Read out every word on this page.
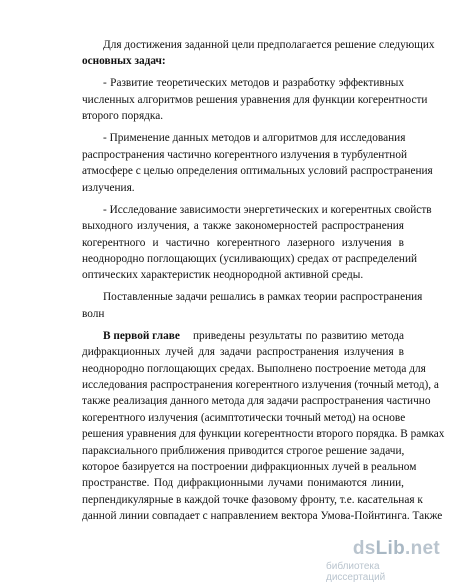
Для достижения заданной цели предполагается решение следующих
основных задач:
- Развитие теоретических методов и разработку эффективных
численных алгоритмов решения уравнения для функции когерентности
второго порядка.
- Применение данных методов и алгоритмов для исследования
распространения частично когерентного излучения в турбулентной
атмосфере с целью определения оптимальных условий распространения
излучения.
- Исследование зависимости энергетических и когерентных свойств
выходного излучения, а также закономерностей распространения
когерентного и частично когерентного лазерного излучения в
неоднородно поглощающих (усиливающих) средах от распределений
оптических характеристик неоднородной активной среды.
Поставленные задачи решались в рамках теории распространения
волн
В первой главе	приведены результаты по развитию метода
дифракционных лучей для задачи распространения излучения в
неоднородно поглощающих средах. Выполнено построение метода для
исследования распространения когерентного излучения (точный метод), а
также реализация данного метода для задачи распространения частично
когерентного излучения (асимптотически точный метод) на основе
решения уравнения для функции когерентности второго порядка. В рамках
параксиального приближения приводится строгое решение задачи,
которое базируется на построении дифракционных лучей в реальном
пространстве. Под дифракционными лучами понимаются линии,
перпендикулярные в каждой точке фазовому фронту, т.е. касательная к
данной линии совпадает с направлением вектора Умова-Пойнтинга. Также
dsLib.net
библиотека диссертаций
